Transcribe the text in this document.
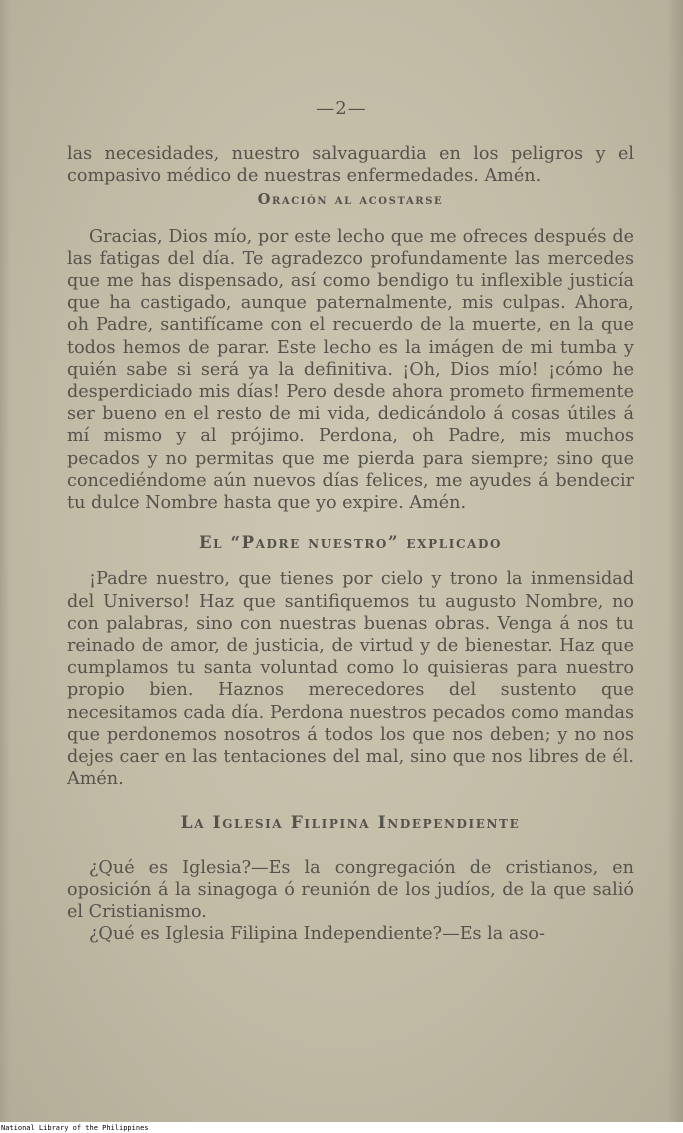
—2—

las necesidades, nuestro salvaguardia en los peligros y el compasivo médico de nuestras enfermedades. Amén.

Oración al acostarse

Gracias, Dios mío, por este lecho que me ofreces después de las fatigas del día. Te agradezco profundamente las mercedes que me has dispensado, así como bendigo tu inflexible justicía que ha castigado, aunque paternalmente, mis culpas. Ahora, oh Padre, santifícame con el recuerdo de la muerte, en la que todos hemos de parar. Este lecho es la imágen de mi tumba y quién sabe si será ya la definitiva. ¡Oh, Dios mío! ¡cómo he desperdiciado mis días! Pero desde ahora prometo firmemente ser bueno en el resto de mi vida, dedicándolo á cosas útiles á mí mismo y al prójimo. Perdona, oh Padre, mis muchos pecados y no permitas que me pierda para siempre; sino que concediéndome aún nuevos días felices, me ayudes á bendecir tu dulce Nombre hasta que yo expire. Amén.

El “Padre nuestro” explicado

¡Padre nuestro, que tienes por cielo y trono la inmensidad del Universo! Haz que santifiquemos tu augusto Nombre, no con palabras, sino con nuestras buenas obras. Venga á nos tu reinado de amor, de justicia, de virtud y de bienestar. Haz que cumplamos tu santa voluntad como lo quisieras para nuestro propio bien. Haznos merecedores del sustento que necesitamos cada día. Perdona nuestros pecados como mandas que perdonemos nosotros á todos los que nos deben; y no nos dejes caer en las tentaciones del mal, sino que nos libres de él. Amén.

La Iglesia Filipina Independiente

¿Qué es Iglesia?—Es la congregación de cristianos, en oposición á la sinagoga ó reunión de los judíos, de la que salió el Cristianismo.

¿Qué es Iglesia Filipina Independiente?—Es la aso-

National Library of the Philippines
